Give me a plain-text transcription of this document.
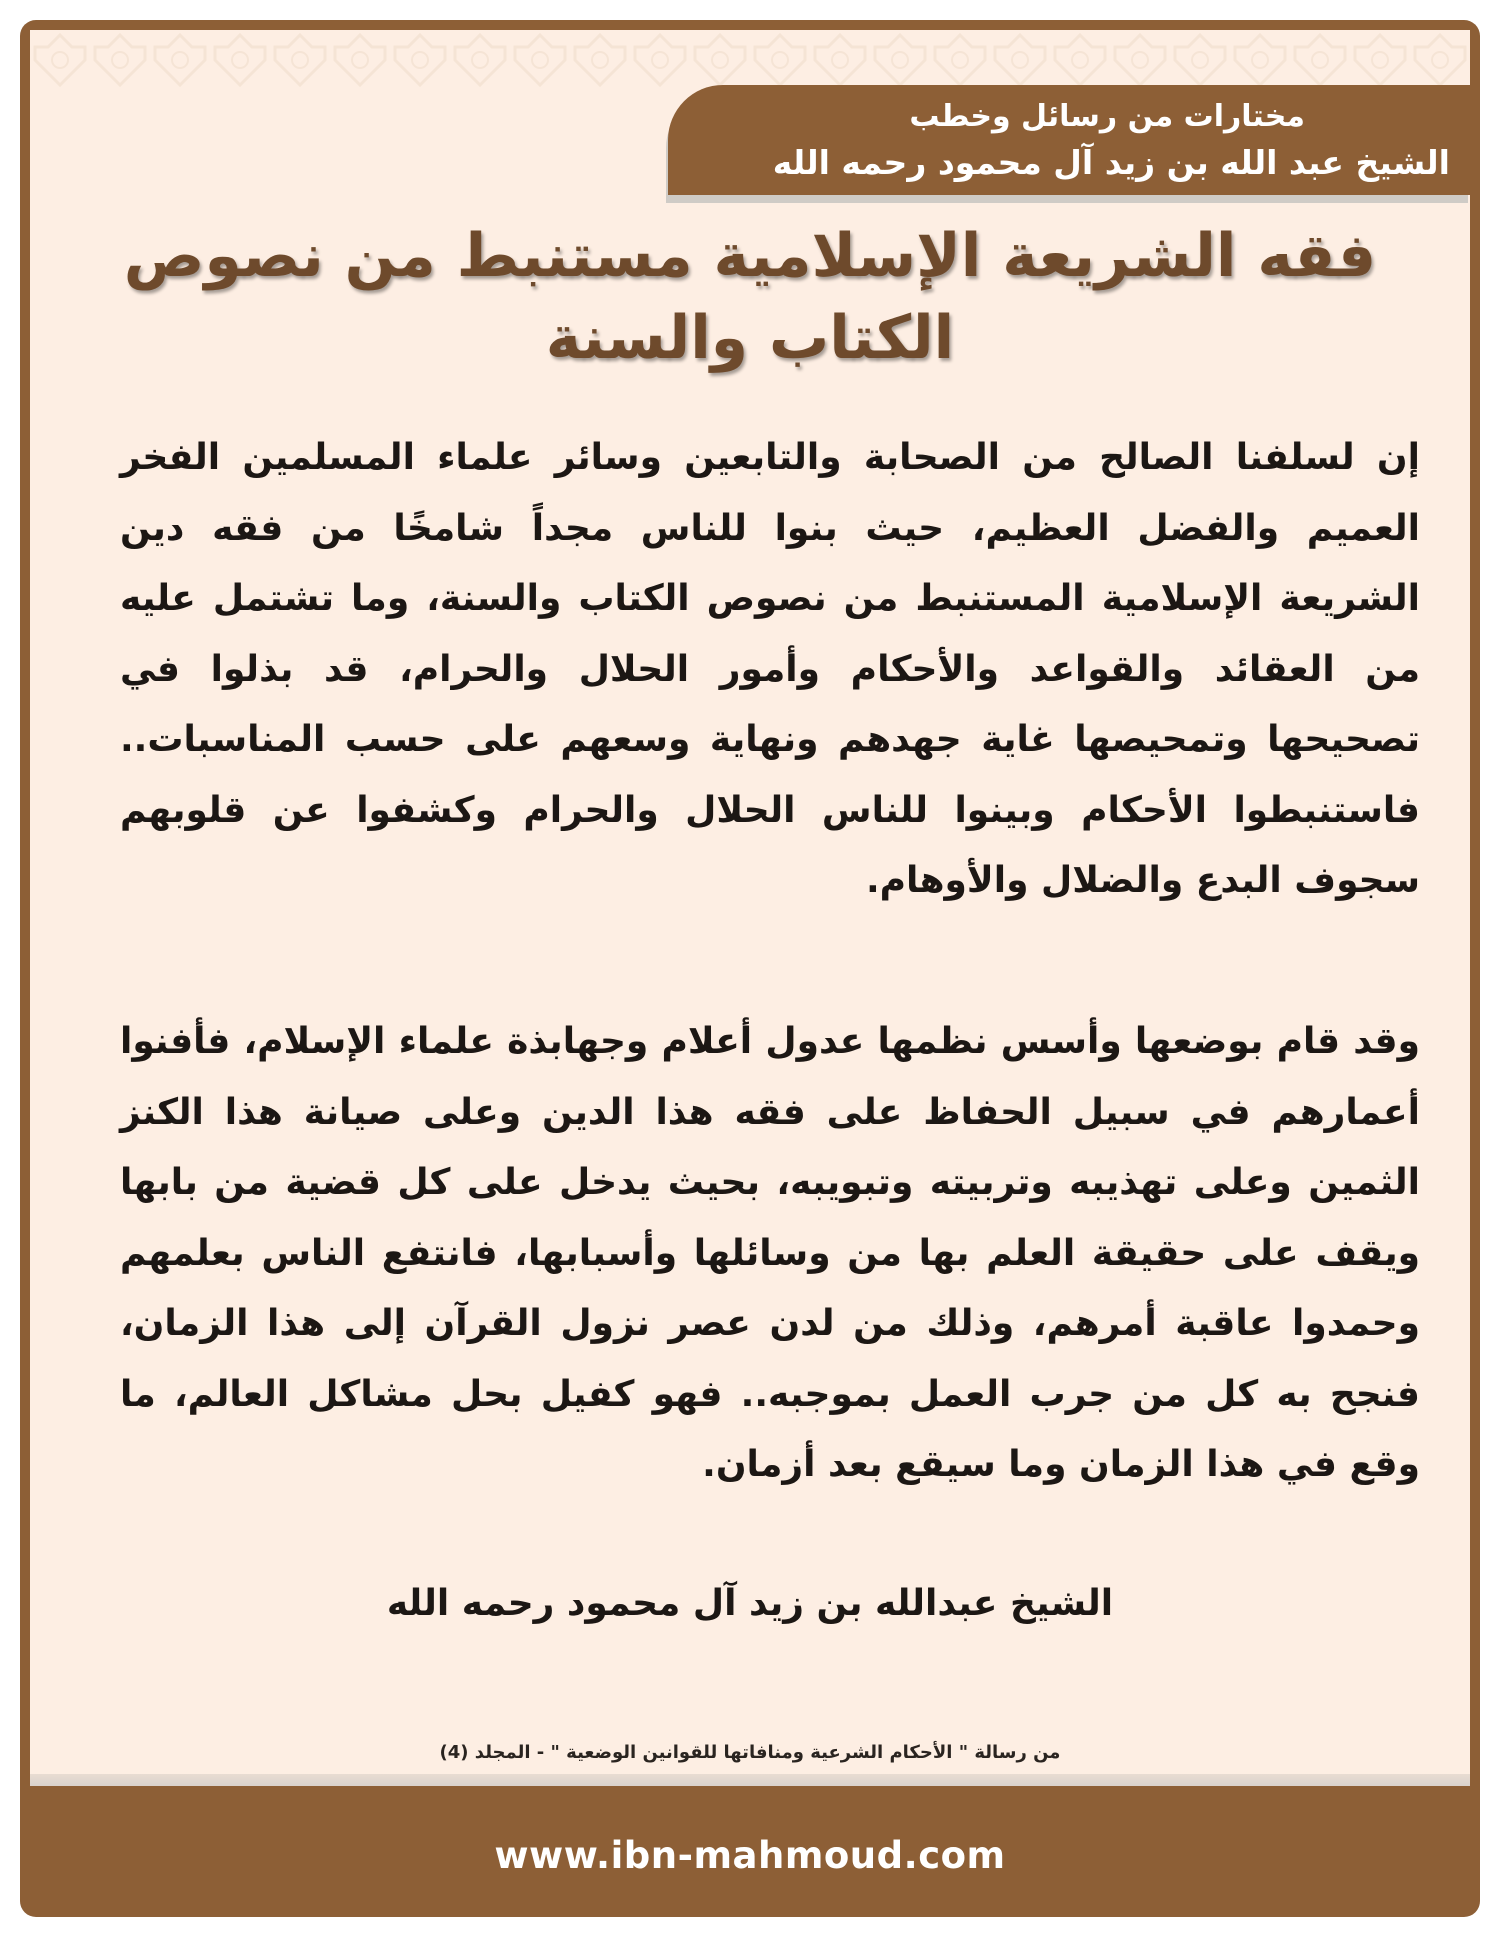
مختارات من رسائل وخطب
الشيخ عبد الله بن زيد آل محمود رحمه الله
فقه الشريعة الإسلامية مستنبط من نصوص الكتاب والسنة

إن لسلفنا الصالح من الصحابة والتابعين وسائر علماء المسلمين الفخر العميم والفضل العظيم، حيث بنوا للناس مجداً شامخًا من فقه دين الشريعة الإسلامية المستنبط من نصوص الكتاب والسنة، وما تشتمل عليه من العقائد والقواعد والأحكام وأمور الحلال والحرام، قد بذلوا في تصحيحها وتمحيصها غاية جهدهم ونهاية وسعهم على حسب المناسبات.. فاستنبطوا الأحكام وبينوا للناس الحلال والحرام وكشفوا عن قلوبهم سجوف البدع والضلال والأوهام.

وقد قام بوضعها وأسس نظمها عدول أعلام وجهابذة علماء الإسلام، فأفنوا أعمارهم في سبيل الحفاظ على فقه هذا الدين وعلى صيانة هذا الكنز الثمين وعلى تهذيبه وتربيته وتبويبه، بحيث يدخل على كل قضية من بابها ويقف على حقيقة العلم بها من وسائلها وأسبابها، فانتفع الناس بعلمهم وحمدوا عاقبة أمرهم، وذلك من لدن عصر نزول القرآن إلى هذا الزمان، فنجح به كل من جرب العمل بموجبه.. فهو كفيل بحل مشاكل العالم، ما وقع في هذا الزمان وما سيقع بعد أزمان.

الشيخ عبدالله بن زيد آل محمود رحمه الله

من رسالة " الأحكام الشرعية ومنافاتها للقوانين الوضعية " - المجلد (4)

www.ibn-mahmoud.com
